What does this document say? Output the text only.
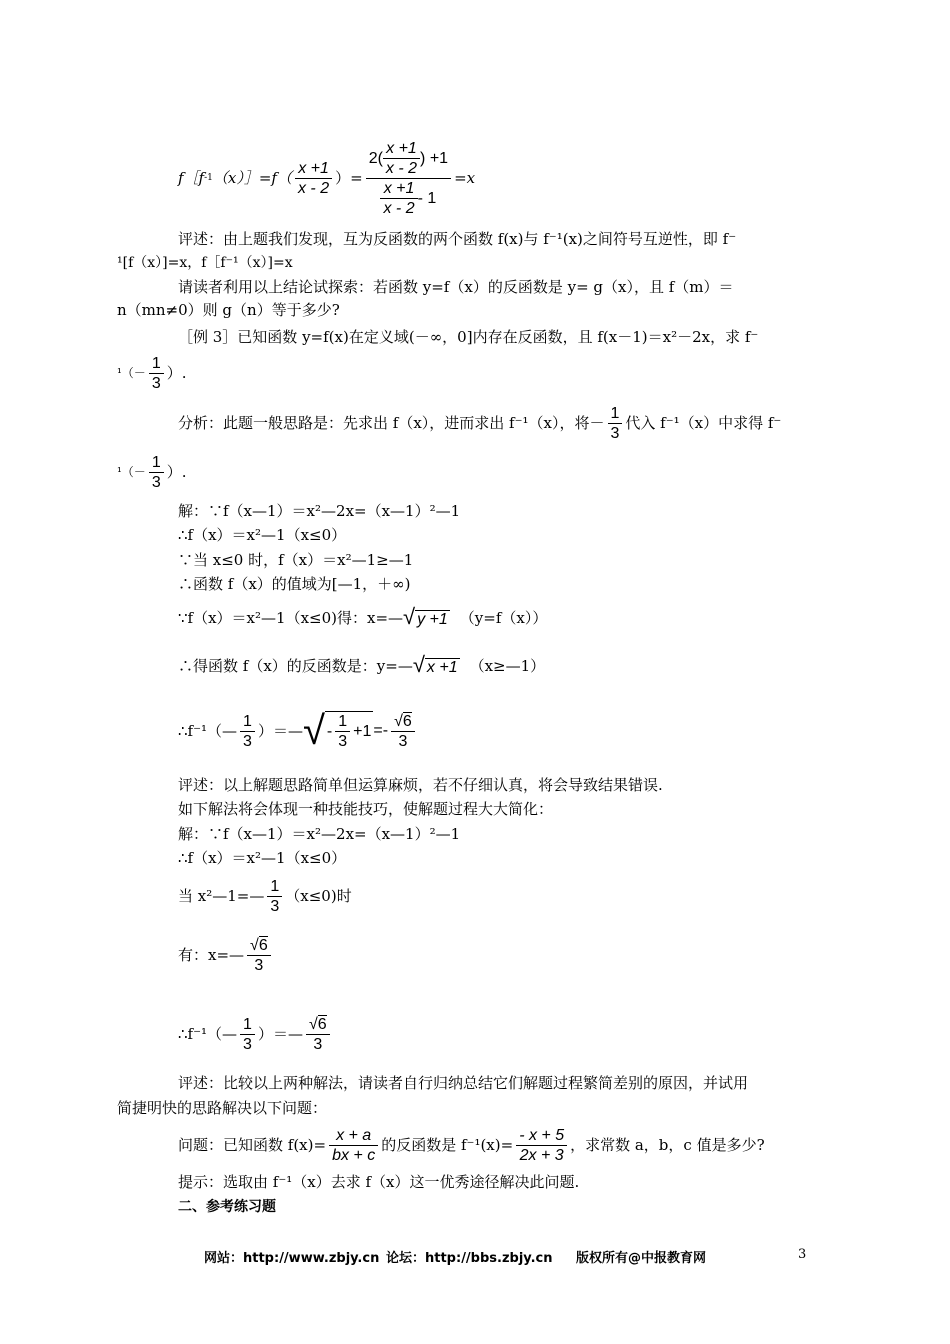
f［f -1 （x）］=f（ $\frac{x +1}{x - 2}$ ）= $\frac{2( \frac{x +1}{x - 2} ) +1}{\frac{x +1}{x - 2} - 1} =x$
评述：由上题我们发现，互为反函数的两个函数 f(x)与 f⁻¹(x)之间符号互逆性，即 f⁻
¹[f（x）]=x，f［f⁻¹（x）]=x
请读者利用以上结论试探索：若函数 y=f（x）的反函数是 y= g（x），且 f（m）＝
n（mn≠0）则 g（n）等于多少?
［例 3］已知函数 y=f(x)在定义域(－∞，0]内存在反函数，且 f(x－1)＝x²－2x，求 f⁻
$^1(- \frac{1}{3}$ ）.
分析：此题一般思路是：先求出 f（x），进而求出 f⁻¹（x），将－ $\frac{1}{3}$ 代入 f⁻¹（x）中求得 f⁻
$^1(- \frac{1}{3}$ ）.
解：∵f（x—1）＝x²—2x=（x—1）²—1
∴f（x）＝x²—1（x≤0）
∵当 x≤0 时，f（x）＝x²—1≥—1
∴函数 f（x）的值域为[—1，＋∞)
∵f（x）＝x²—1（x≤0)得：x=— √ y +1 （y=f（x））
∴得函数 f（x）的反函数是：y=— √ x +1 （x≥—1）
∴f⁻¹（— $\frac{1}{3}$ ）＝— √ - $\frac{1}{3} +1 =- \frac{√6}{3}$
评述：以上解题思路简单但运算麻烦，若不仔细认真，将会导致结果错误.
如下解法将会体现一种技能技巧，使解题过程大大简化：
解：∵f（x—1）＝x²—2x=（x—1）²—1
∴f（x）＝x²—1（x≤0）
当 x²—1=— $\frac{1}{3} (x\le 0)$时
有：x=— $\frac{√6}{3}$
∴f⁻¹（— $\frac{1}{3}$ ）＝— $\frac{√6}{3}$
评述：比较以上两种解法，请读者自行归纳总结它们解题过程繁简差别的原因，并试用
简捷明快的思路解决以下问题：
问题：已知函数 $f(x)= \frac{x + a}{bx + c}$ 的反函数是 $f^{-1}(x)= \frac{- x + 5}{2x + 3}$ ，求常数 a，b，c 值是多少?
提示：选取由 f⁻¹（x）去求 f（x）这一优秀途径解决此问题.
二、参考练习题
网站：http://www.zbjy.cn 论坛：http://bbs.zbjy.cn 版权所有@中报教育网	3
